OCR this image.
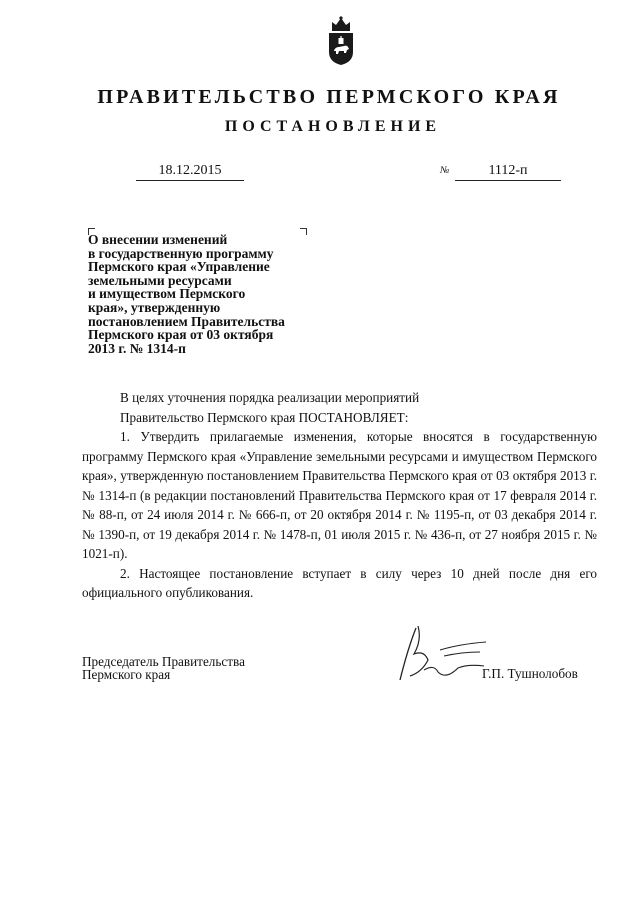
ПРАВИТЕЛЬСТВО ПЕРМСКОГО КРАЯ
ПОСТАНОВЛЕНИЕ
18.12.2015	№	1112-п
О внесении изменений
в государственную программу
Пермского края «Управление
земельными ресурсами
и имуществом Пермского
края», утвержденную
постановлением Правительства
Пермского края от 03 октября
2013 г. № 1314-п
В целях уточнения порядка реализации мероприятий
Правительство Пермского края ПОСТАНОВЛЯЕТ:

1. Утвердить прилагаемые изменения, которые вносятся в государственную программу Пермского края «Управление земельными ресурсами и имуществом Пермского края», утвержденную постановлением Правительства Пермского края от 03 октября 2013 г. № 1314-п (в редакции постановлений Правительства Пермского края от 17 февраля 2014 г. № 88-п, от 24 июля 2014 г. № 666-п, от 20 октября 2014 г. № 1195-п, от 03 декабря 2014 г. № 1390-п, от 19 декабря 2014 г. № 1478-п, 01 июля 2015 г. № 436-п, от 27 ноября 2015 г. № 1021-п).

2. Настоящее постановление вступает в силу через 10 дней после дня его официального опубликования.

Председатель Правительства
Пермского края	Г.П. Тушнолобов
